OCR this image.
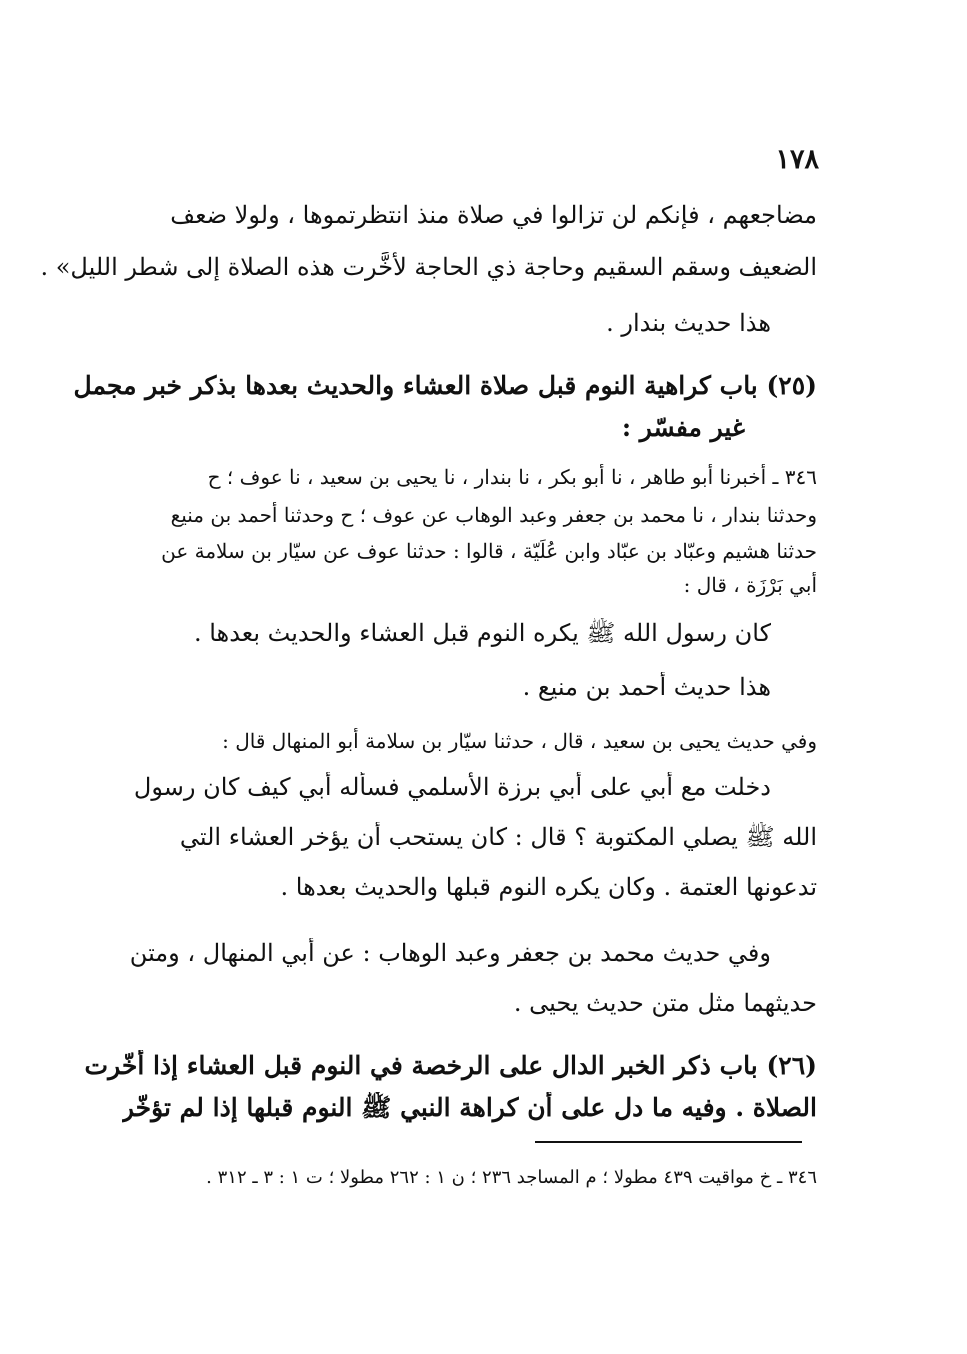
١٧٨
مضاجعهم ، فإنكم لن تزالوا في صلاة منذ انتظرتموها ، ولولا ضعف
الضعيف وسقم السقيم وحاجة ذي الحاجة لأخَّرت هذه الصلاة إلى شطر الليل» .
هذا حديث بندار .
(٢٥) باب كراهية النوم قبل صلاة العشاء والحديث بعدها بذكر خبر مجمل
غير مفسّر :
٣٤٦ ـ أخبرنا أبو طاهر ، نا أبو بكر ، نا بندار ، نا يحيى بن سعيد ، نا عوف ؛ ح
وحدثنا بندار ، نا محمد بن جعفر وعبد الوهاب عن عوف ؛ ح وحدثنا أحمد بن منيع
حدثنا هشيم وعبّاد بن عبّاد وابن عُلَيّة ، قالوا : حدثنا عوف عن سيّار بن سلامة عن
أبي بَرْزَة ، قال :
كان رسول الله ﷺ يكره النوم قبل العشاء والحديث بعدها .
هذا حديث أحمد بن منيع .
وفي حديث يحيى بن سعيد ، قال ، حدثنا سيّار بن سلامة أبو المنهال قال :
دخلت مع أبي على أبي برزة الأسلمي فسأله أبي كيف كان رسول
الله ﷺ يصلي المكتوبة ؟ قال : كان يستحب أن يؤخر العشاء التي
تدعونها العتمة . وكان يكره النوم قبلها والحديث بعدها .
وفي حديث محمد بن جعفر وعبد الوهاب : عن أبي المنهال ، ومتن
حديثهما مثل متن حديث يحيى .
(٢٦) باب ذكر الخبر الدال على الرخصة في النوم قبل العشاء إذا أخّرت
الصلاة . وفيه ما دل على أن كراهة النبي ﷺ النوم قبلها إذا لم تؤخّر
٣٤٦ ـ خ مواقيت ٤٣٩ مطولا ؛ م المساجد ٢٣٦ ؛ ن ١ : ٢٦٢ مطولا ؛ ت ١ : ٣ ـ ٣١٢ .
